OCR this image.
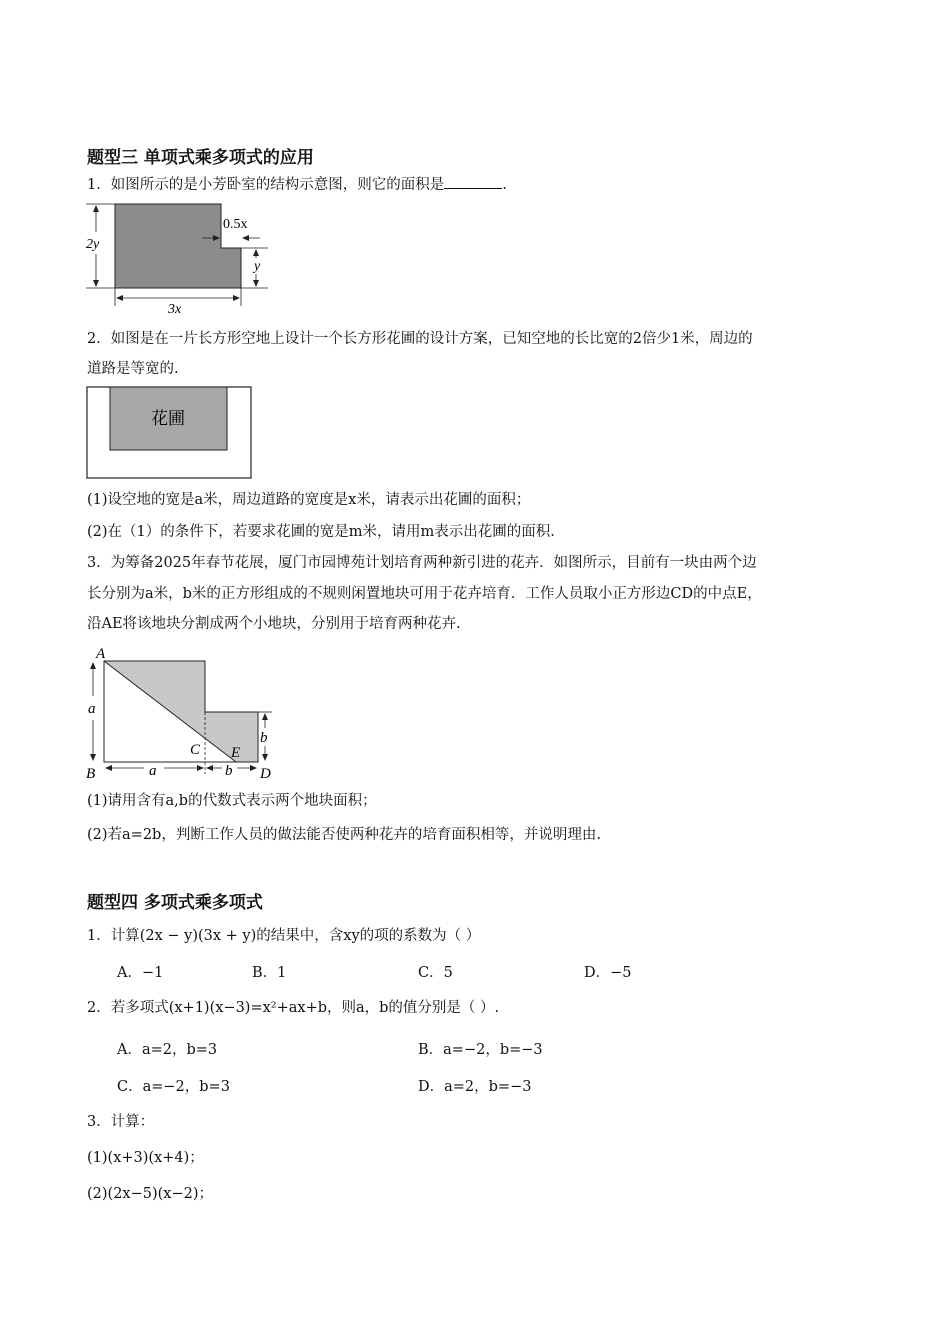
题型三 单项式乘多项式的应用
1．如图所示的是小芳卧室的结构示意图，则它的面积是	.
2y
0.5x
y
3x
2．如图是在一片长方形空地上设计一个长方形花圃的设计方案，已知空地的长比宽的2倍少1米，周边的
道路是等宽的.
花圃
(1)设空地的宽是a米，周边道路的宽度是x米，请表示出花圃的面积；
(2)在（1）的条件下，若要求花圃的宽是m米，请用m表示出花圃的面积.
3．为筹备2025年春节花展，厦门市园博苑计划培育两种新引进的花卉．如图所示，目前有一块由两个边
长分别为a米，b米的正方形组成的不规则闲置地块可用于花卉培育．工作人员取小正方形边CD的中点E，
沿AE将该地块分割成两个小地块，分别用于培育两种花卉.
a
b
a	b
A
B
C
D
E
(1)请用含有a,b的代数式表示两个地块面积；
(2)若a=2b，判断工作人员的做法能否使两种花卉的培育面积相等，并说明理由.
题型四 多项式乘多项式
1．计算(2x − y)(3x + y)的结果中，含xy的项的系数为（ ）
A．−1	B．1	C．5	D．−5
2．若多项式(x+1)(x−3)=x²+ax+b，则a，b的值分别是（ ）.
A．a=2，b=3	B．a=−2，b=−3
C．a=−2，b=3	D．a=2，b=−3
3．计算：
(1)(x+3)(x+4)；
(2)(2x−5)(x−2)；
